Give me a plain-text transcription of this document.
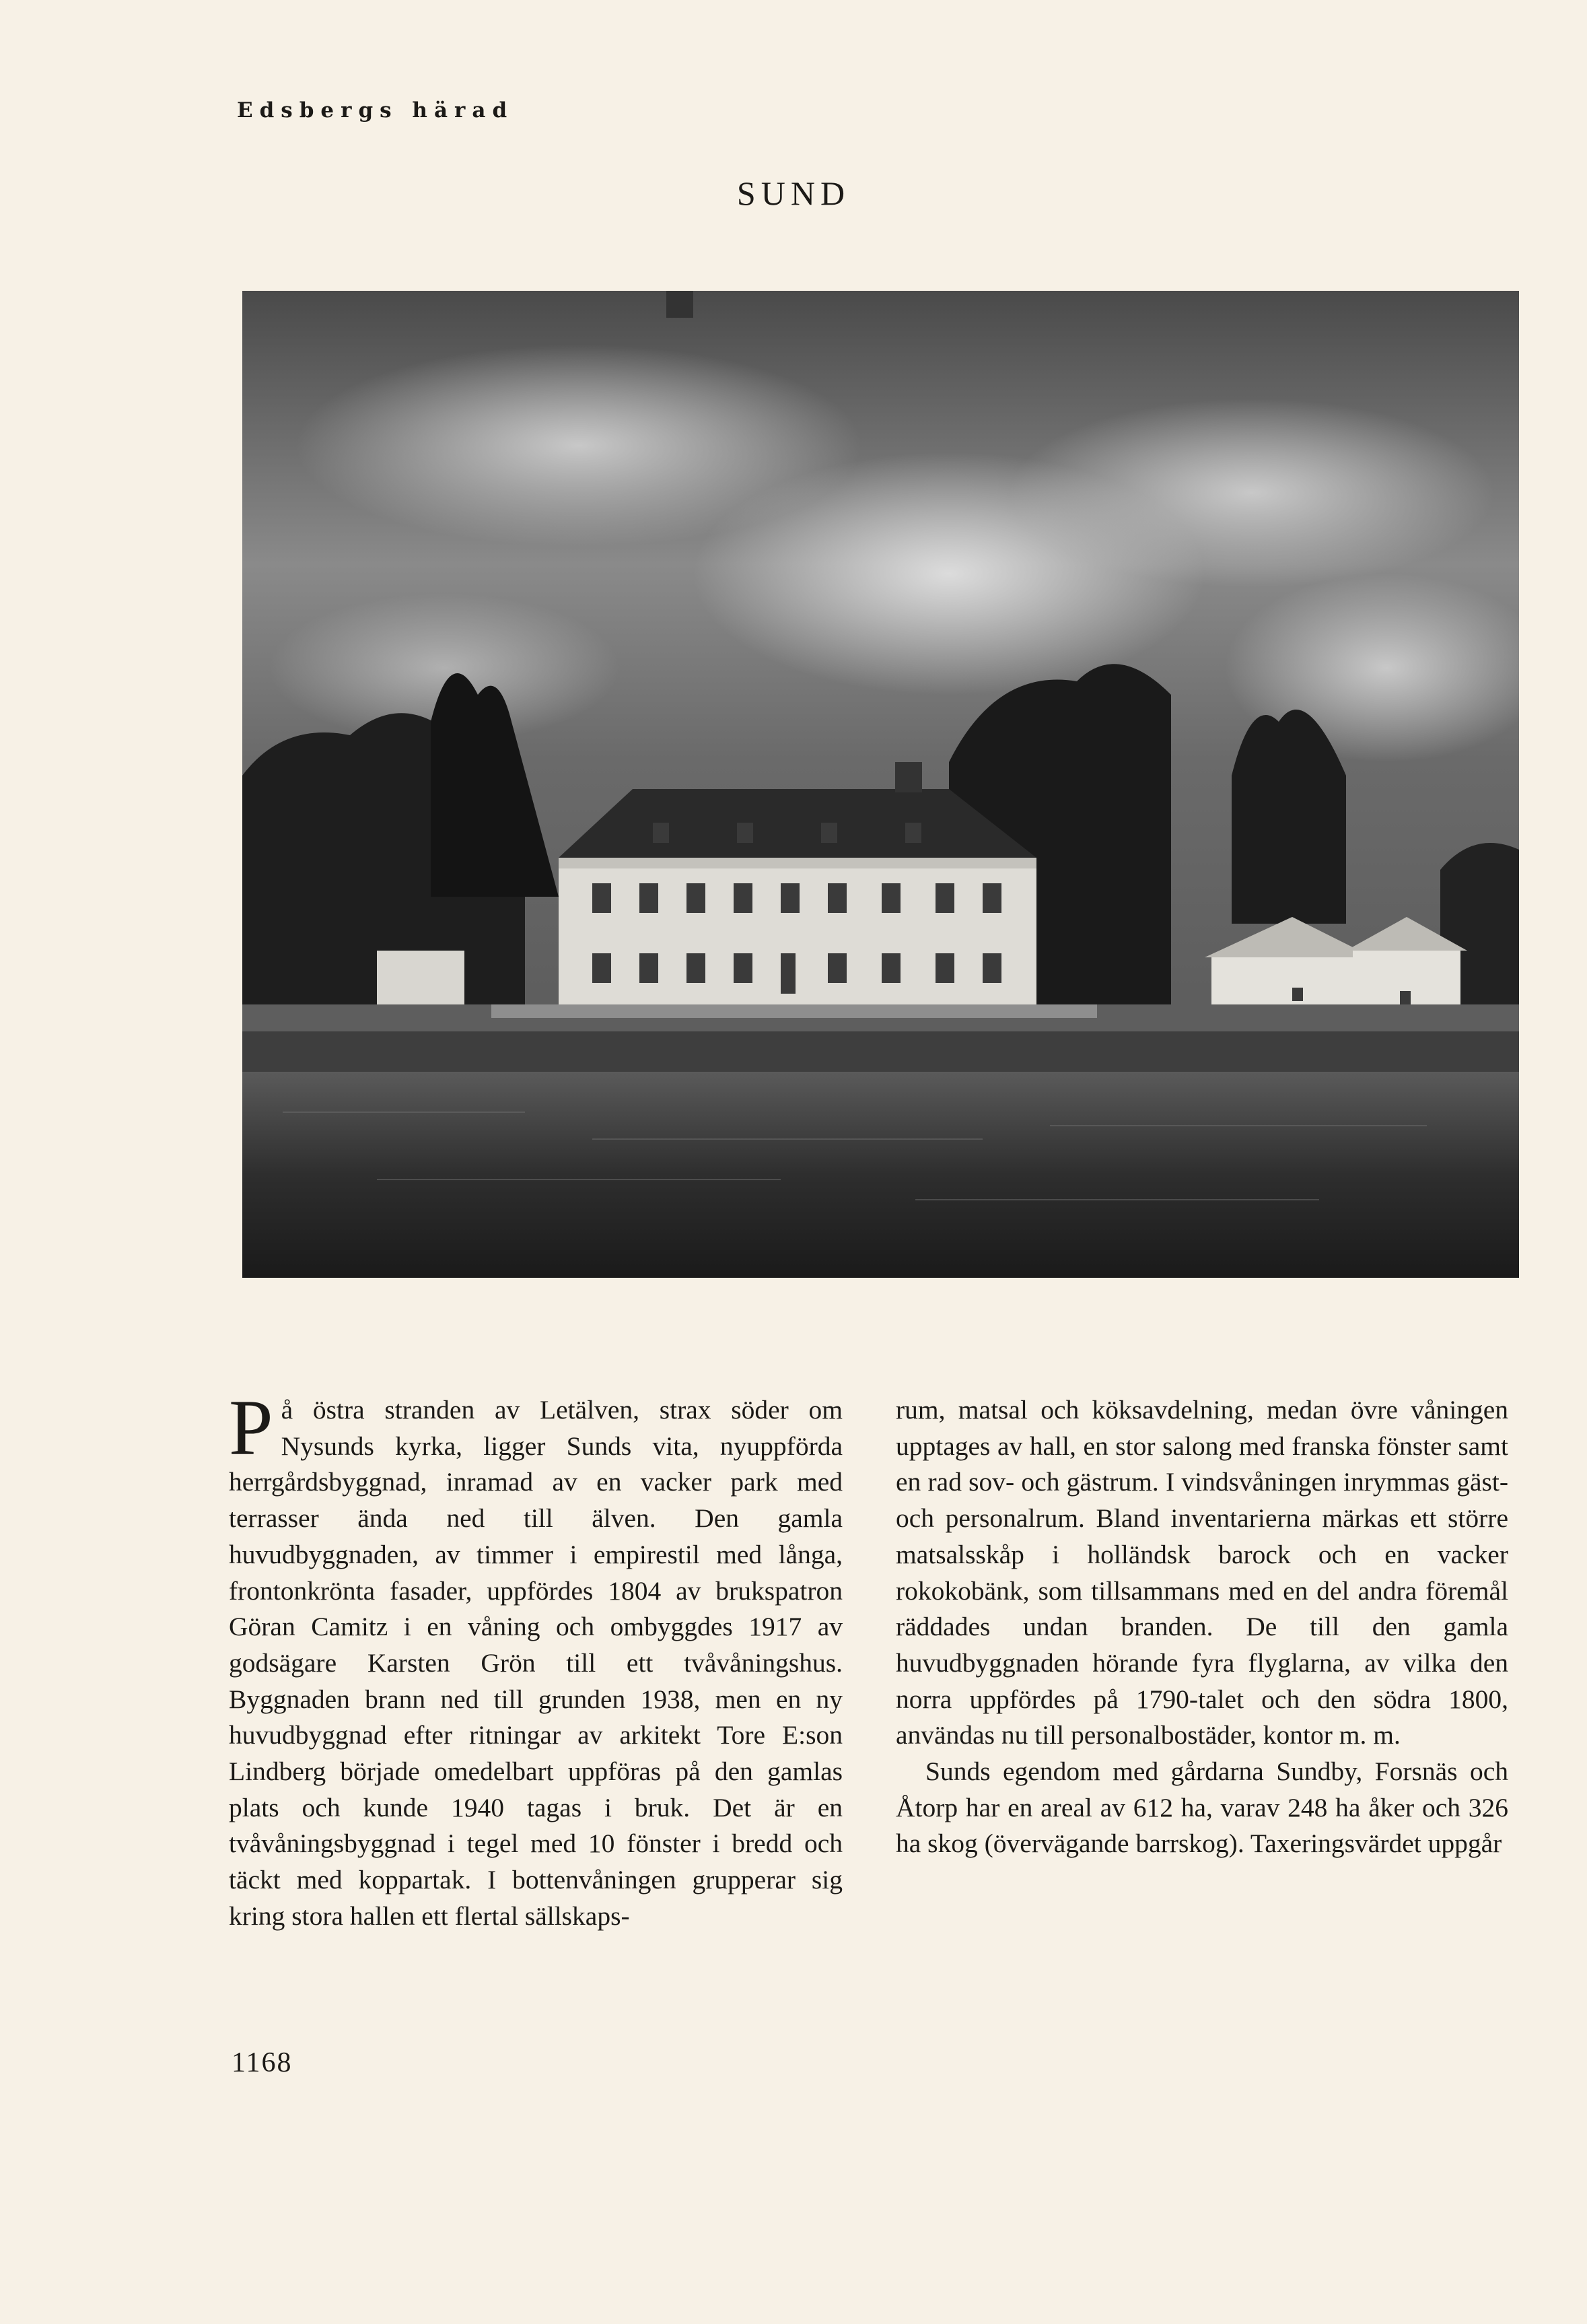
Edsbergs härad
SUND

På östra stranden av Letälven, strax söder om Nysunds kyrka, ligger Sunds vita, nyuppförda herrgårdsbyggnad, inramad av en vacker park med terrasser ända ned till älven. Den gamla huvudbyggnaden, av timmer i empirestil med långa, frontonkrönta fasader, uppfördes 1804 av brukspatron Göran Camitz i en våning och ombyggdes 1917 av godsägare Karsten Grön till ett tvåvåningshus. Byggnaden brann ned till grunden 1938, men en ny huvudbyggnad efter ritningar av arkitekt Tore E:son Lindberg började omedelbart uppföras på den gamlas plats och kunde 1940 tagas i bruk. Det är en tvåvåningsbyggnad i tegel med 10 fönster i bredd och täckt med koppartak. I bottenvåningen grupperar sig kring stora hallen ett flertal sällskaps-

rum, matsal och köksavdelning, medan övre våningen upptages av hall, en stor salong med franska fönster samt en rad sov- och gästrum. I vindsvåningen inrymmas gäst- och personalrum. Bland inventarierna märkas ett större matsalsskåp i holländsk barock och en vacker rokokobänk, som tillsammans med en del andra föremål räddades undan branden. De till den gamla huvudbyggnaden hörande fyra flyglarna, av vilka den norra uppfördes på 1790-talet och den södra 1800, användas nu till personalbostäder, kontor m. m.

Sunds egendom med gårdarna Sundby, Forsnäs och Åtorp har en areal av 612 ha, varav 248 ha åker och 326 ha skog (övervägande barrskog). Taxeringsvärdet uppgår

1168
